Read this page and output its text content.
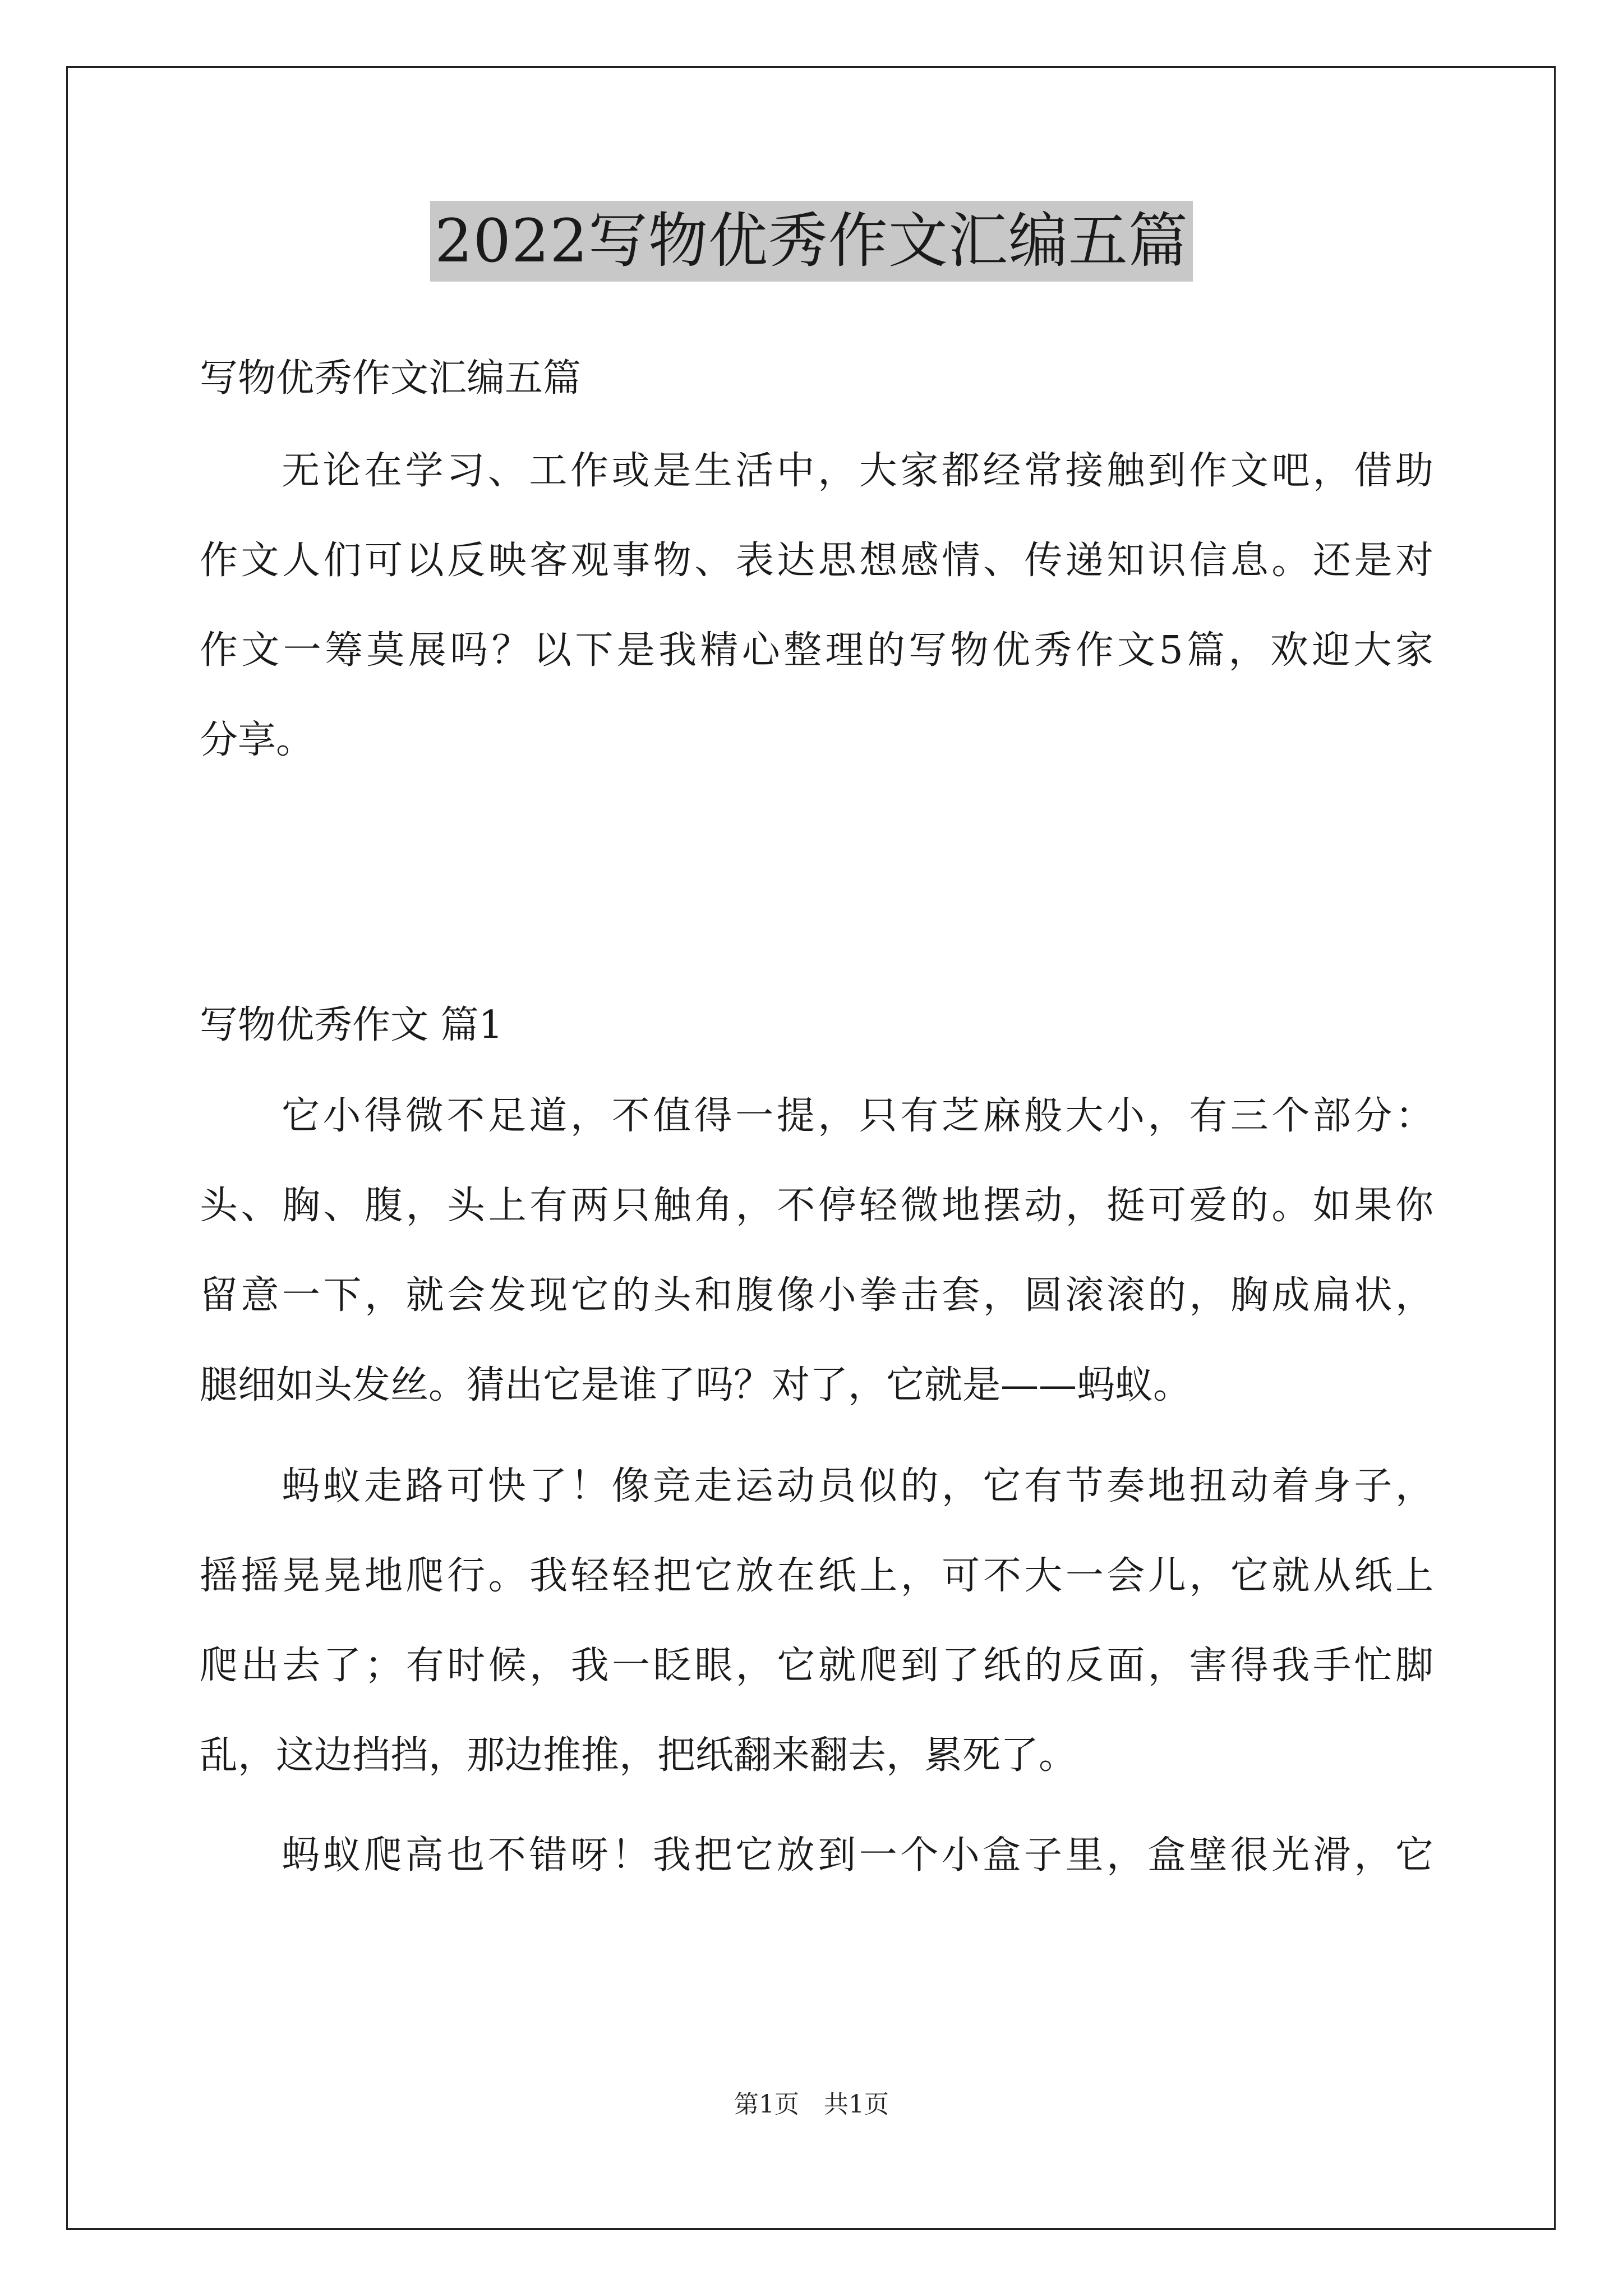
2022写物优秀作文汇编五篇
写物优秀作文汇编五篇
无论在学习、工作或是生活中，大家都经常接触到作文吧，借助
作文人们可以反映客观事物、表达思想感情、传递知识信息。还是对
作文一筹莫展吗？以下是我精心整理的写物优秀作文5篇，欢迎大家
分享。
写物优秀作文 篇1
它小得微不足道，不值得一提，只有芝麻般大小，有三个部分：
头、胸、腹，头上有两只触角，不停轻微地摆动，挺可爱的。如果你
留意一下，就会发现它的头和腹像小拳击套，圆滚滚的，胸成扁状，
腿细如头发丝。猜出它是谁了吗？对了，它就是——蚂蚁。
蚂蚁走路可快了！像竞走运动员似的，它有节奏地扭动着身子，
摇摇晃晃地爬行。我轻轻把它放在纸上，可不大一会儿，它就从纸上
爬出去了；有时候，我一眨眼，它就爬到了纸的反面，害得我手忙脚
乱，这边挡挡，那边推推，把纸翻来翻去，累死了。
蚂蚁爬高也不错呀！我把它放到一个小盒子里，盒壁很光滑，它
第1页　共1页
